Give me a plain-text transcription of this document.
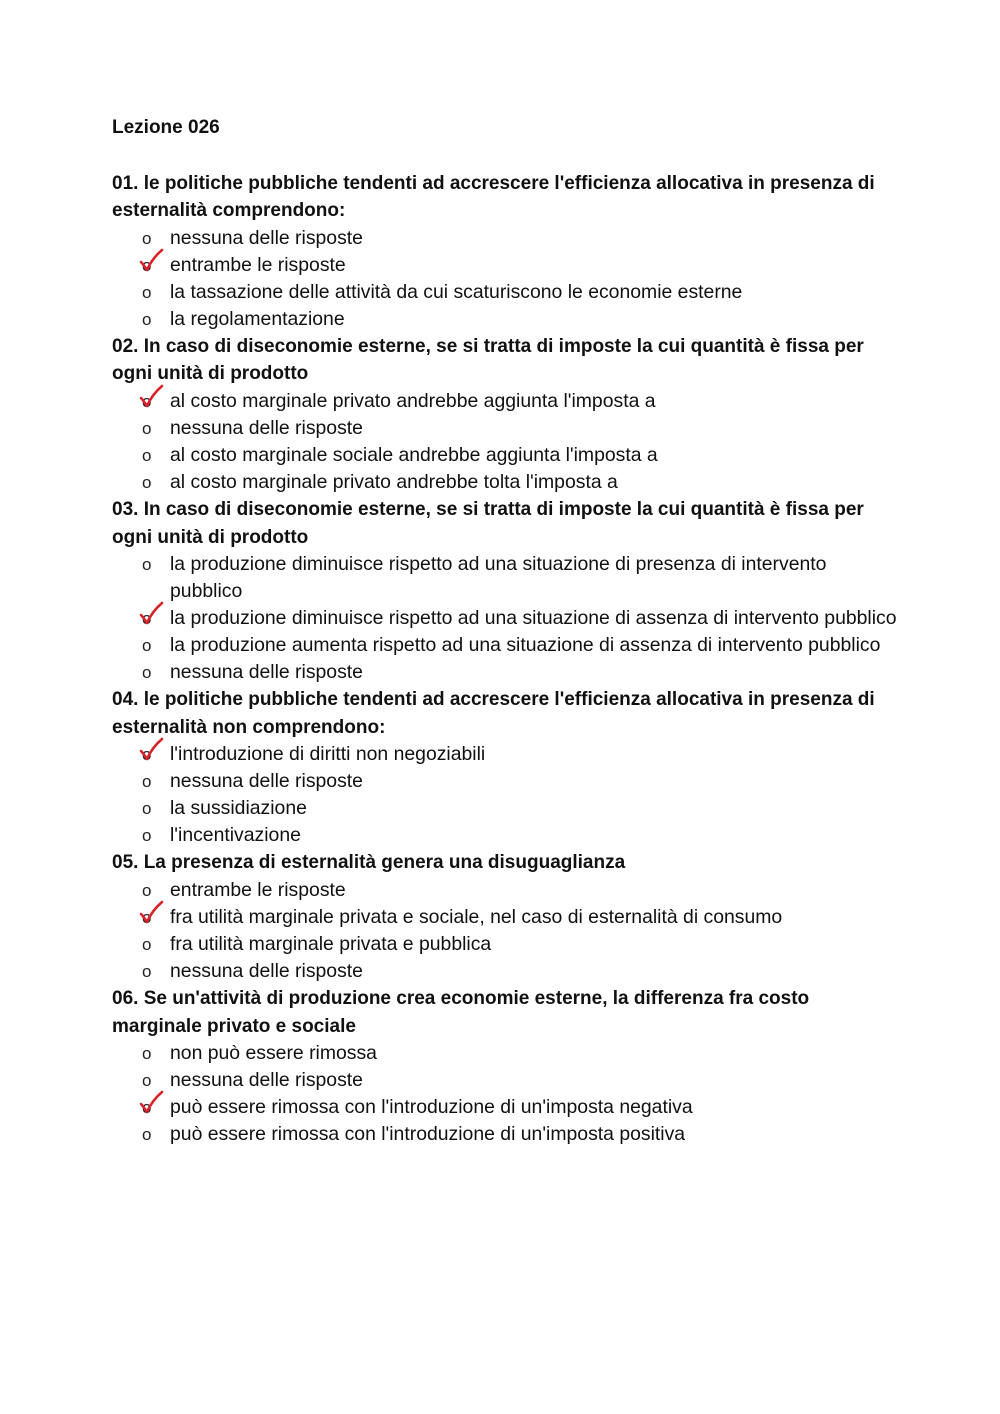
Lezione 026

01. le politiche pubbliche tendenti ad accrescere l'efficienza allocativa in presenza di esternalità comprendono:

o nessuna delle risposte
o entrambe le risposte
o la tassazione delle attività da cui scaturiscono le economie esterne
o la regolamentazione

02. In caso di diseconomie esterne, se si tratta di imposte la cui quantità è fissa per ogni unità di prodotto

o al costo marginale privato andrebbe aggiunta l'imposta a
o nessuna delle risposte
o al costo marginale sociale andrebbe aggiunta l'imposta a
o al costo marginale privato andrebbe tolta l'imposta a

03. In caso di diseconomie esterne, se si tratta di imposte la cui quantità è fissa per ogni unità di prodotto

o la produzione diminuisce rispetto ad una situazione di presenza di intervento pubblico
o la produzione diminuisce rispetto ad una situazione di assenza di intervento pubblico
o la produzione aumenta rispetto ad una situazione di assenza di intervento pubblico
o nessuna delle risposte

04. le politiche pubbliche tendenti ad accrescere l'efficienza allocativa in presenza di esternalità non comprendono:

o l'introduzione di diritti non negoziabili
o nessuna delle risposte
o la sussidiazione
o l'incentivazione

05. La presenza di esternalità genera una disuguaglianza

o entrambe le risposte
o fra utilità marginale privata e sociale, nel caso di esternalità di consumo
o fra utilità marginale privata e pubblica
o nessuna delle risposte

06. Se un'attività di produzione crea economie esterne, la differenza fra costo marginale privato e sociale

o non può essere rimossa
o nessuna delle risposte
o può essere rimossa con l'introduzione di un'imposta negativa
o può essere rimossa con l'introduzione di un'imposta positiva
